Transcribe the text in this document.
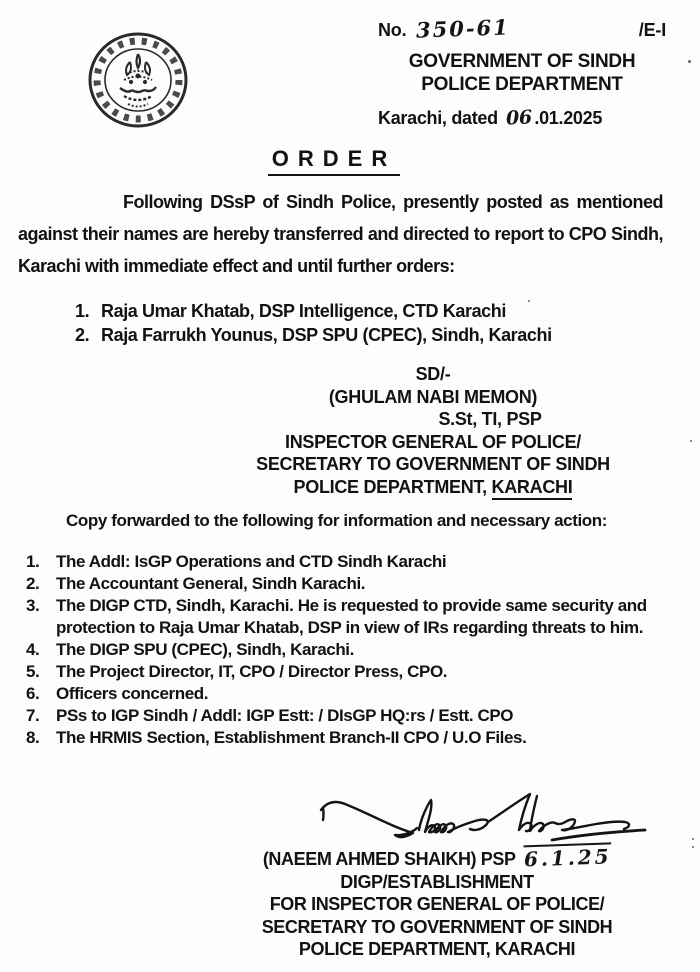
No. 350-61	/E-I
GOVERNMENT OF SINDH
POLICE DEPARTMENT
Karachi, dated 06 .01.2025
ORDER
Following DSsP of Sindh Police, presently posted as mentioned against their names are hereby transferred and directed to report to CPO Sindh, Karachi with immediate effect and until further orders:
1. Raja Umar Khatab, DSP Intelligence, CTD Karachi
2. Raja Farrukh Younus, DSP SPU (CPEC), Sindh, Karachi
SD/-
(GHULAM NABI MEMON)
S.St, TI, PSP
INSPECTOR GENERAL OF POLICE/
SECRETARY TO GOVERNMENT OF SINDH
POLICE DEPARTMENT, KARACHI
Copy forwarded to the following for information and necessary action:
1. The Addl: IsGP Operations and CTD Sindh Karachi
2. The Accountant General, Sindh Karachi.
3. The DIGP CTD, Sindh, Karachi. He is requested to provide same security and protection to Raja Umar Khatab, DSP in view of IRs regarding threats to him.
4. The DIGP SPU (CPEC), Sindh, Karachi.
5. The Project Director, IT, CPO / Director Press, CPO.
6. Officers concerned.
7. PSs to IGP Sindh / Addl: IGP Estt: / DIsGP HQ:rs / Estt. CPO
8. The HRMIS Section, Establishment Branch-II CPO / U.O Files.
(NAEEM AHMED SHAIKH) PSP 6.1.25
DIGP/ESTABLISHMENT
FOR INSPECTOR GENERAL OF POLICE/
SECRETARY TO GOVERNMENT OF SINDH
POLICE DEPARTMENT, KARACHI
